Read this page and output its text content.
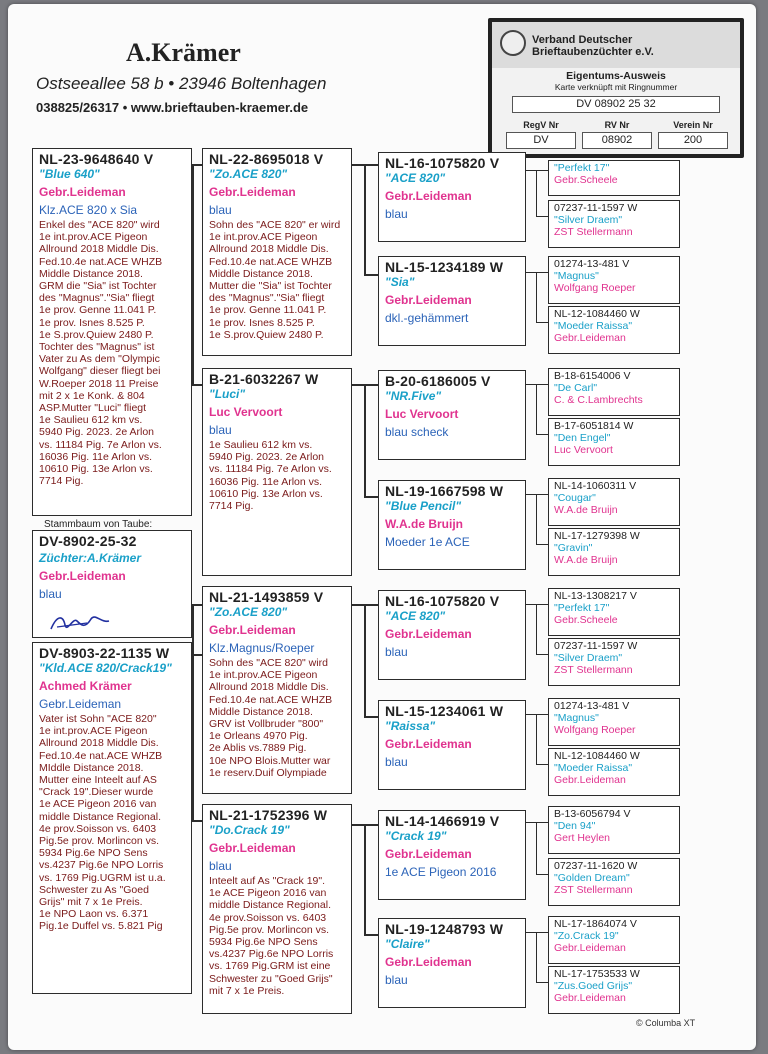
A.Krämer
Ostseeallee 58 b • 23946 Boltenhagen
038825/26317 • www.brieftauben-kraemer.de
Verband Deutscher
Brieftaubenzüchter e.V.
Eigentums-Ausweis
Karte verknüpft mit Ringnummer
DV 08902 25 32
RegV Nr
DV
RV Nr
08902
Verein Nr
200
NL-23-9648640 V
"Blue 640"
Gebr.Leideman
Klz.ACE 820 x Sia
Enkel des "ACE 820" wird
1e int.prov.ACE Pigeon
Allround 2018 Middle Dis.
Fed.10.4e nat.ACE WHZB
Middle Distance 2018.
GRM die "Sia" ist Tochter
des "Magnus"."Sia" fliegt
1e prov. Genne 11.041 P.
1e prov. Isnes 8.525 P.
1e S.prov.Quiew 2480 P.
Tochter des "Magnus" ist
Vater zu As dem "Olympic
Wolfgang" dieser fliegt bei
W.Roeper 2018 11 Preise
mit 2 x 1e Konk. & 804
ASP.Mutter "Luci" fliegt
1e Saulieu 612 km vs.
5940 Pig. 2023. 2e Arlon
vs. 11184 Pig. 7e Arlon vs.
16036 Pig. 11e Arlon vs.
10610 Pig. 13e Arlon vs.
7714 Pig.
Stammbaum von Taube:
DV-8902-25-32
Züchter:A.Krämer
Gebr.Leideman
blau
DV-8903-22-1135 W
"Kld.ACE 820/Crack19"
Achmed Krämer
Gebr.Leideman
Vater ist Sohn "ACE 820"
1e int.prov.ACE Pigeon
Allround 2018 Middle Dis.
Fed.10.4e nat.ACE WHZB
MIddle Distance 2018.
Mutter eine Inteelt auf AS
"Crack 19".Dieser wurde
1e ACE Pigeon 2016 van
middle Distance Regional.
4e prov.Soisson vs. 6403
Pig.5e prov. Morlincon vs.
5934 Pig.6e NPO Sens
vs.4237 Pig.6e NPO Lorris
vs. 1769 Pig.UGRM ist u.a.
Schwester zu As "Goed
Grijs" mit 7 x 1e Preis.
1e NPO Laon vs. 6.371
Pig.1e Duffel vs. 5.821 Pig
NL-22-8695018 V
"Zo.ACE 820"
Gebr.Leideman
blau
Sohn des "ACE 820" er wird
1e int.prov.ACE Pigeon
Allround 2018 Middle Dis.
Fed.10.4e nat.ACE WHZB
Middle Distance 2018.
Mutter die "Sia" ist Tochter
des "Magnus"."Sia" fliegt
1e prov. Genne 11.041 P.
1e prov. Isnes 8.525 P.
1e S.prov.Quiew 2480 P.
B-21-6032267 W
"Luci"
Luc Vervoort
blau
1e Saulieu 612 km vs.
5940 Pig. 2023. 2e Arlon
vs. 11184 Pig. 7e Arlon vs.
16036 Pig. 11e Arlon vs.
10610 Pig. 13e Arlon vs.
7714 Pig.
NL-21-1493859 V
"Zo.ACE 820"
Gebr.Leideman
Klz.Magnus/Roeper
Sohn des "ACE 820" wird
1e int.prov.ACE Pigeon
Allround 2018 Middle Dis.
Fed.10.4e nat.ACE WHZB
Middle Distance 2018.
GRV ist Vollbruder "800"
1e Orleans 4970 Pig.
2e Ablis vs.7889 Pig.
10e NPO Blois.Mutter war
1e reserv.Duif Olympiade
NL-21-1752396 W
"Do.Crack 19"
Gebr.Leideman
blau
Inteelt auf As "Crack 19".
1e ACE Pigeon 2016 van
middle Distance Regional.
4e prov.Soisson vs. 6403
Pig.5e prov. Morlincon vs.
5934 Pig.6e NPO Sens
vs.4237 Pig.6e NPO Lorris
vs. 1769 Pig.GRM ist eine
Schwester zu "Goed Grijs"
mit 7 x 1e Preis.
NL-16-1075820 V
"ACE 820"
Gebr.Leideman
blau
NL-15-1234189 W
"Sia"
Gebr.Leideman
dkl.-gehämmert
B-20-6186005 V
"NR.Five"
Luc Vervoort
blau scheck
NL-19-1667598 W
"Blue Pencil"
W.A.de Bruijn
Moeder 1e ACE
NL-16-1075820 V
"ACE 820"
Gebr.Leideman
blau
NL-15-1234061 W
"Raissa"
Gebr.Leideman
blau
NL-14-1466919 V
"Crack 19"
Gebr.Leideman
1e ACE Pigeon 2016
NL-19-1248793 W
"Claire"
Gebr.Leideman
blau
"Perfekt 17"
Gebr.Scheele
07237-11-1597 W
"Silver Draem"
ZST Stellermann
01274-13-481 V
"Magnus"
Wolfgang Roeper
NL-12-1084460 W
"Moeder Raissa"
Gebr.Leideman
B-18-6154006 V
"De Carl"
C. & C.Lambrechts
B-17-6051814 W
"Den Engel"
Luc Vervoort
NL-14-1060311 V
"Cougar"
W.A.de Bruijn
NL-17-1279398 W
"Gravin"
W.A.de Bruijn
NL-13-1308217 V
"Perfekt 17"
Gebr.Scheele
07237-11-1597 W
"Silver Draem"
ZST Stellermann
01274-13-481 V
"Magnus"
Wolfgang Roeper
NL-12-1084460 W
"Moeder Raissa"
Gebr.Leideman
B-13-6056794 V
"Den 94"
Gert Heylen
07237-11-1620 W
"Golden Dream"
ZST Stellermann
NL-17-1864074 V
"Zo.Crack 19"
Gebr.Leideman
NL-17-1753533 W
"Zus.Goed Grijs"
Gebr.Leideman
© Columba XT
